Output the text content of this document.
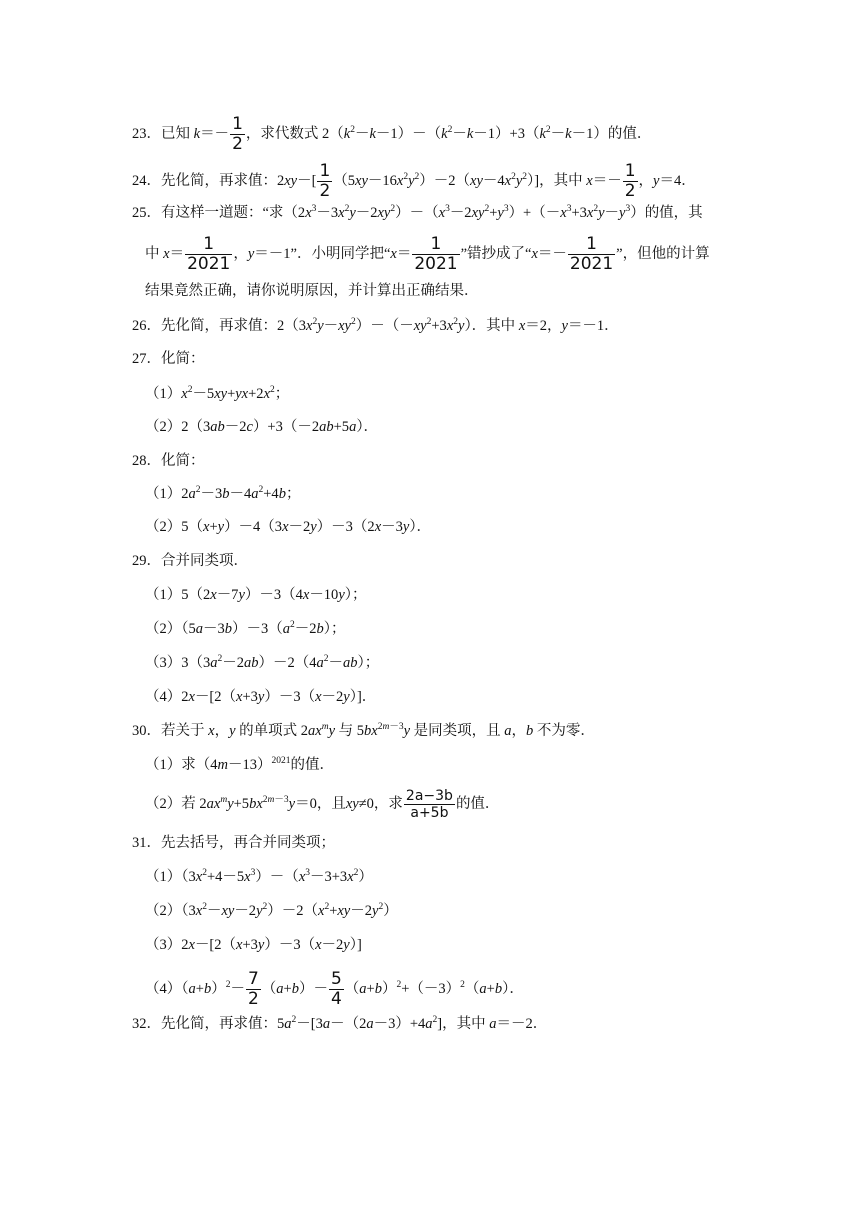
23．已知 $k=- \frac{1}{2}$ ，求代数式 $2(k^2-k-1)-(k^2-k-1)+3(k^2-k-1)$的值．
24．先化简，再求值：$2xy-[ \frac{1}{2} (5xy-16x^2y^2)-2(xy-4x^2y^2)]$，其中 $x=- \frac{1}{2}$ ，y＝4．
25．有这样一道题：“求$(2x^3-3x^2y-2xy^2)-(x^3-2xy^2+y^3)+(-x^3+3x^2y-y^3)$的值，其
中 $x= \frac{1}{2021}$ ，y＝－1”．小明同学把“$x= \frac{1}{2021}$ ”错抄成了“$x=- \frac{1}{2021}$ ”，但他的计算
结果竟然正确，请你说明原因，并计算出正确结果．
26．先化简，再求值：$2(3x^2y-xy^2)-(-xy^2+3x^2y)$．其中 x＝2，y＝－1．
27．化简：
$(1)x^2-5xy+yx+2x^2$；
（2）2（3ab－2c）+3（－2ab+5a）．
28．化简：
$(1)2a^2-3b-4a^2+4b$；
（2）5（x+y）－4（3x－2y）－3（2x－3y）．
29．合并同类项．
（1）5（2x－7y）－3（4x－10y）；
$(2)(5a-3b)-3(a^2-2b)$；
$(3)3(3a^2-2ab)-2(4a^2-ab)$；
（4）2x－[2（x+3y）－3（x－2y）]．
30．若关于 x，y 的单项式 $2ax^my$ 与 $5bx^{2m-3}y$ 是同类项，且 a，b 不为零．
（1）求$(4m-13)^{2021}$的值．
（2）若 $2ax^my+5bx^{2m-3}y=0$，且xy≠0，求 $\frac{2a-3b}{a+5b}$ 的值．
31．先去括号，再合并同类项；
$(1)(3x^2+4-5x^3)-(x^3-3+3x^2)$
$(2)(3x^2-xy-2y^2)-2(x^2+xy-2y^2)$
（3）2x－[2（x+3y）－3（x－2y）]
$(4)(a+b)^2- \frac{7}{2} (a+b)- \frac{5}{4} (a+b)^2+(-3)^2(a+b)$．
32．先化简，再求值：$5a^2-[3a-(2a-3)+4a^2]$，其中 a＝－2．
